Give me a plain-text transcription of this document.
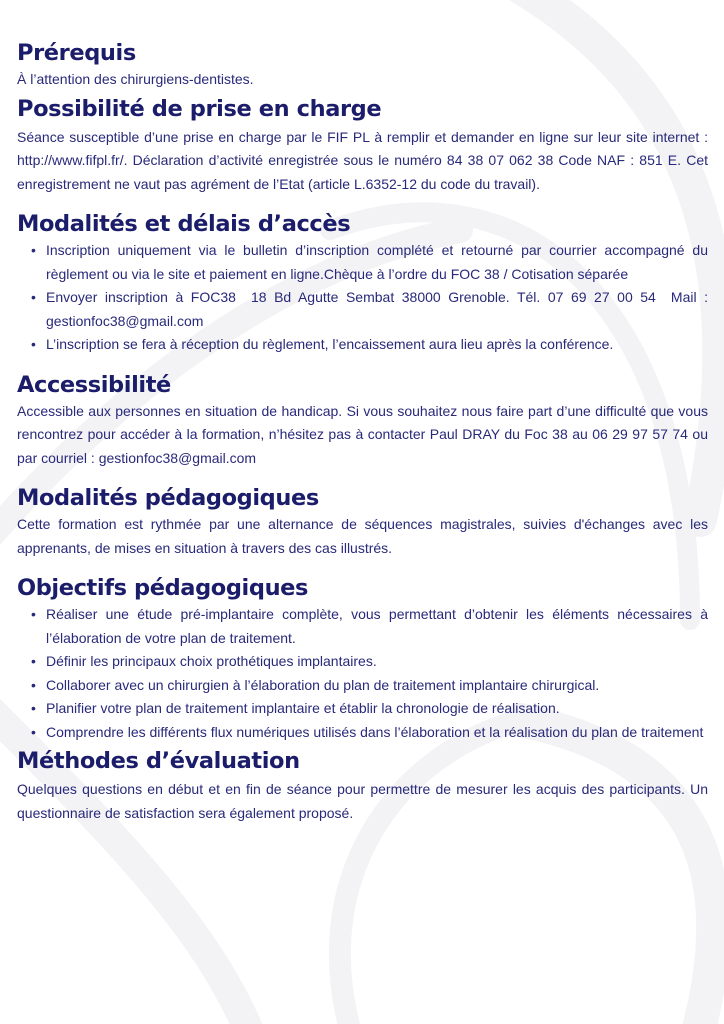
Prérequis

À l’attention des chirurgiens-dentistes.

Possibilité de prise en charge

Séance susceptible d’une prise en charge par le FIF PL à remplir et demander en ligne sur leur site internet : http://www.fifpl.fr/. Déclaration d’activité enregistrée sous le numéro 84 38 07 062 38 Code NAF : 851 E. Cet enregistrement ne vaut pas agrément de l’Etat (article L.6352-12 du code du travail).

Modalités et délais d’accès
• Inscription uniquement via le bulletin d’inscription complété et retourné par courrier accompagné du règlement ou via le site et paiement en ligne.Chèque à l’ordre du FOC 38 / Cotisation séparée
• Envoyer inscription à FOC38  18 Bd Agutte Sembat 38000 Grenoble. Tél. 07 69 27 00 54  Mail : gestionfoc38@gmail.com
• L’inscription se fera à réception du règlement, l’encaissement aura lieu après la conférence.
Accessibilité

Accessible aux personnes en situation de handicap. Si vous souhaitez nous faire part d’une difficulté que vous rencontrez pour accéder à la formation, n’hésitez pas à contacter Paul DRAY du Foc 38 au 06 29 97 57 74 ou par courriel : gestionfoc38@gmail.com

Modalités pédagogiques

Cette formation est rythmée par une alternance de séquences magistrales, suivies d'échanges avec les apprenants, de mises en situation à travers des cas illustrés.

Objectifs pédagogiques
• Réaliser une étude pré-implantaire complète, vous permettant d’obtenir les éléments nécessaires à l’élaboration de votre plan de traitement.
• Définir les principaux choix prothétiques implantaires.
• Collaborer avec un chirurgien à l’élaboration du plan de traitement implantaire chirurgical.
• Planifier votre plan de traitement implantaire et établir la chronologie de réalisation.
• Comprendre les différents flux numériques utilisés dans l’élaboration et la réalisation du plan de traitement
Méthodes d’évaluation

Quelques questions en début et en fin de séance pour permettre de mesurer les acquis des participants. Un questionnaire de satisfaction sera également proposé.
